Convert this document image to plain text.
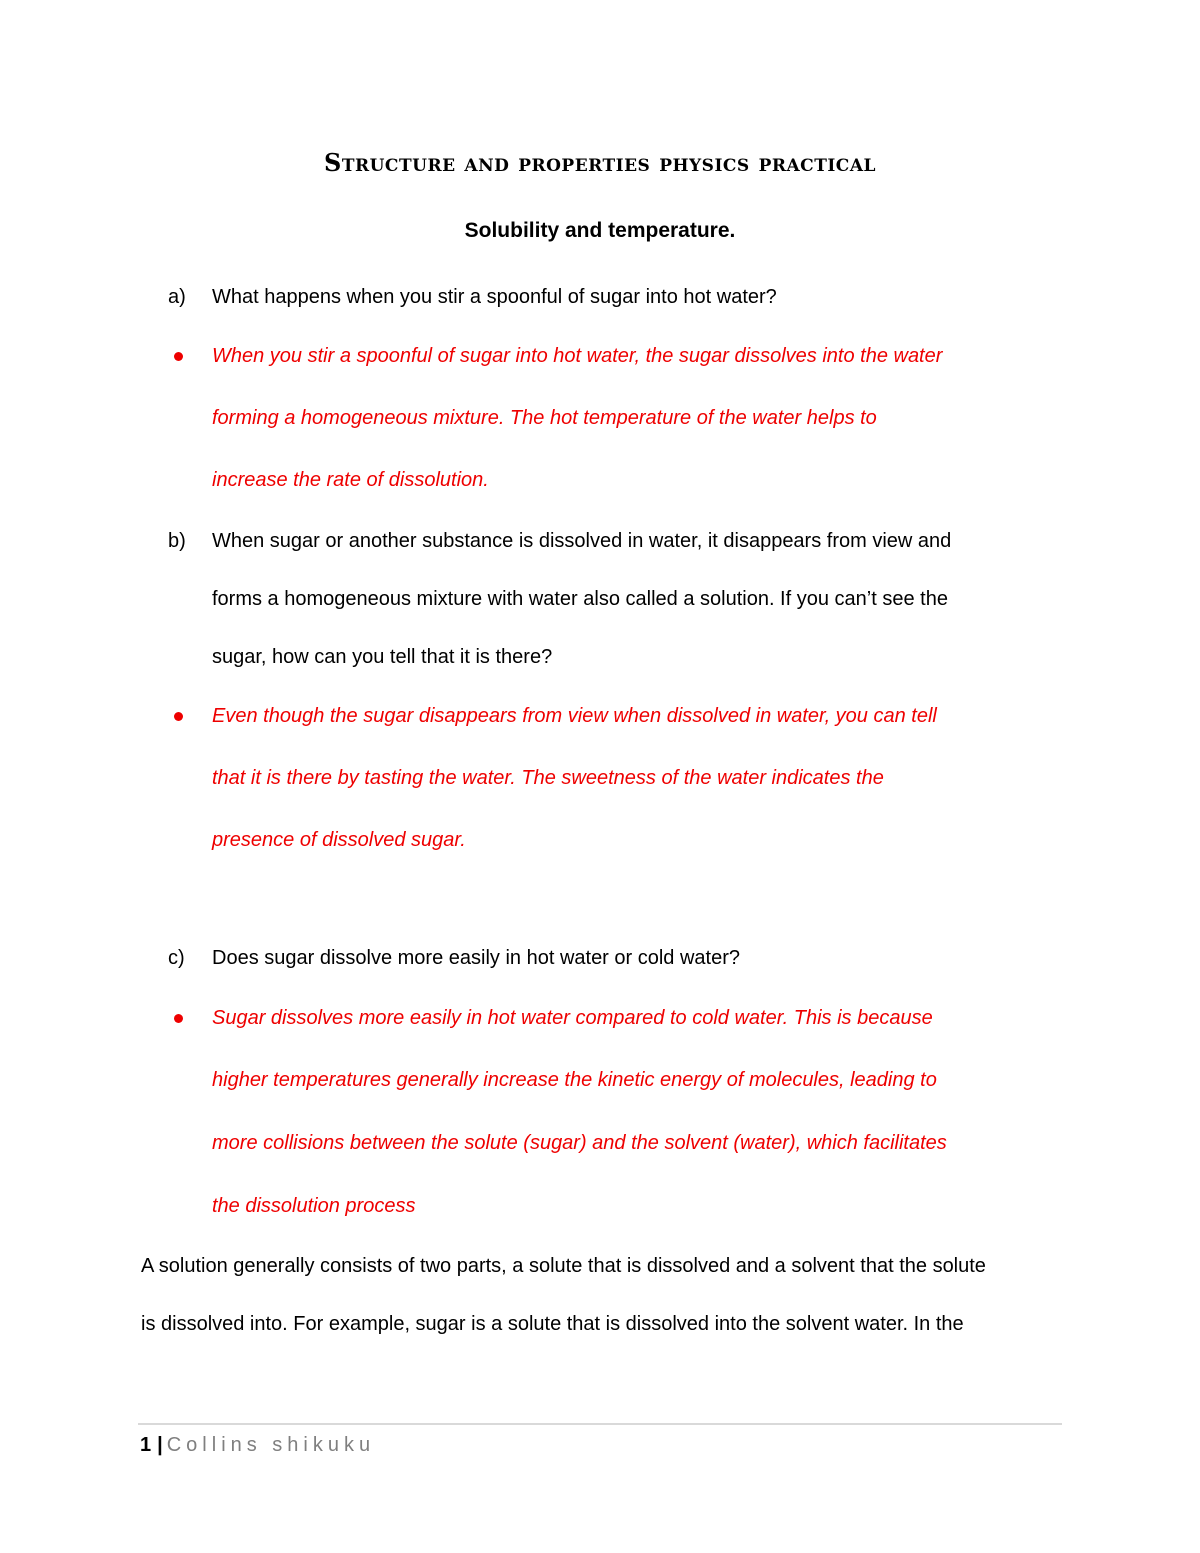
Structure and properties physics practical
Solubility and temperature.
a) What happens when you stir a spoonful of sugar into hot water?
When you stir a spoonful of sugar into hot water, the sugar dissolves into the water
forming a homogeneous mixture. The hot temperature of the water helps to
increase the rate of dissolution.
b) When sugar or another substance is dissolved in water, it disappears from view and
forms a homogeneous mixture with water also called a solution. If you can’t see the
sugar, how can you tell that it is there?
Even though the sugar disappears from view when dissolved in water, you can tell
that it is there by tasting the water. The sweetness of the water indicates the
presence of dissolved sugar.
c) Does sugar dissolve more easily in hot water or cold water?
Sugar dissolves more easily in hot water compared to cold water. This is because
higher temperatures generally increase the kinetic energy of molecules, leading to
more collisions between the solute (sugar) and the solvent (water), which facilitates
the dissolution process
A solution generally consists of two parts, a solute that is dissolved and a solvent that the solute
is dissolved into. For example, sugar is a solute that is dissolved into the solvent water. In the
1 | Collins shikuku
